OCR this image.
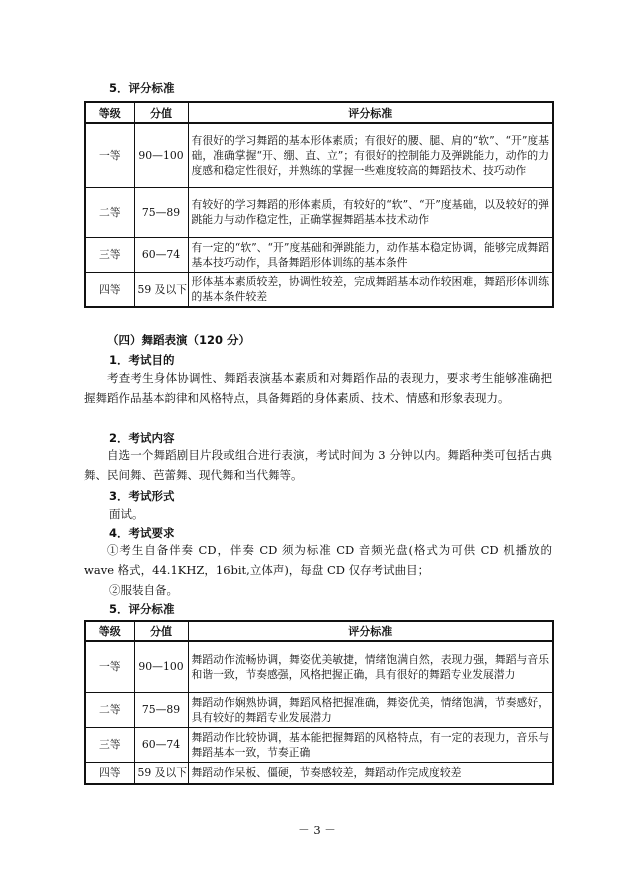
5．评分标准
等级	分值	评分标准
一等	90—100	有很好的学习舞蹈的基本形体素质；有很好的腰、腿、肩的“软”、“开”度基础，准确掌握“开、绷、直、立”；有很好的控制能力及弹跳能力，动作的力度感和稳定性很好，并熟练的掌握一些难度较高的舞蹈技术、技巧动作
二等	75—89	有较好的学习舞蹈的形体素质，有较好的“软”、“开”度基础，以及较好的弹跳能力与动作稳定性，正确掌握舞蹈基本技术动作
三等	60—74	有一定的“软”、“开”度基础和弹跳能力，动作基本稳定协调，能够完成舞蹈基本技巧动作，具备舞蹈形体训练的基本条件
四等	59 及以下	形体基本素质较差，协调性较差，完成舞蹈基本动作较困难，舞蹈形体训练的基本条件较差
（四）舞蹈表演（120 分）
1．考试目的

考查考生身体协调性、舞蹈表演基本素质和对舞蹈作品的表现力，要求考生能够准确把握舞蹈作品基本韵律和风格特点，具备舞蹈的身体素质、技术、情感和形象表现力。

2．考试内容

自选一个舞蹈剧目片段或组合进行表演，考试时间为 3 分钟以内。舞蹈种类可包括古典舞、民间舞、芭蕾舞、现代舞和当代舞等。

3．考试形式
面试。
4．考试要求

①考生自备伴奏 CD，伴奏 CD 须为标准 CD 音频光盘(格式为可供 CD 机播放的 wave 格式，44.1KHZ，16bit,立体声)，每盘 CD 仅存考试曲目；

②服装自备。
5．评分标准
等级	分值	评分标准
一等	90—100	舞蹈动作流畅协调，舞姿优美敏捷，情绪饱满自然，表现力强，舞蹈与音乐和谐一致，节奏感强，风格把握正确，具有很好的舞蹈专业发展潜力
二等	75—89	舞蹈动作娴熟协调，舞蹈风格把握准确，舞姿优美，情绪饱满，节奏感好，具有较好的舞蹈专业发展潜力
三等	60—74	舞蹈动作比较协调，基本能把握舞蹈的风格特点，有一定的表现力，音乐与舞蹈基本一致，节奏正确
四等	59 及以下	舞蹈动作呆板、僵硬，节奏感较差，舞蹈动作完成度较差
－ 3 －
